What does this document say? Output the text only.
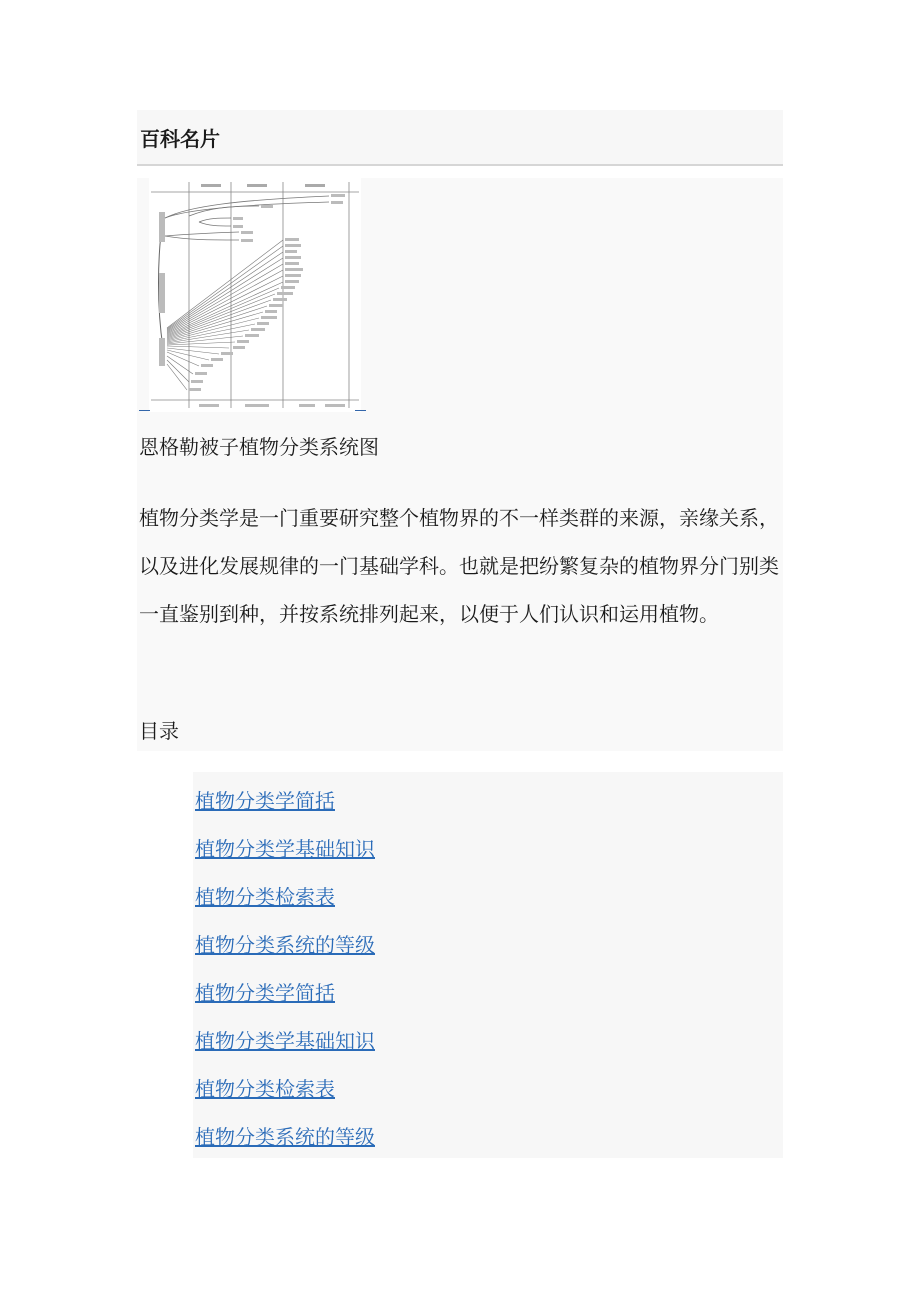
百科名片
恩格勒被子植物分类系统图

植物分类学是一门重要研究整个植物界的不一样类群的来源，亲缘关系，以及进化发展规律的一门基础学科。也就是把纷繁复杂的植物界分门别类一直鉴别到种，并按系统排列起来，以便于人们认识和运用植物。

目录
植物分类学简括
植物分类学基础知识
植物分类检索表
植物分类系统的等级
植物分类学简括
植物分类学基础知识
植物分类检索表
植物分类系统的等级
